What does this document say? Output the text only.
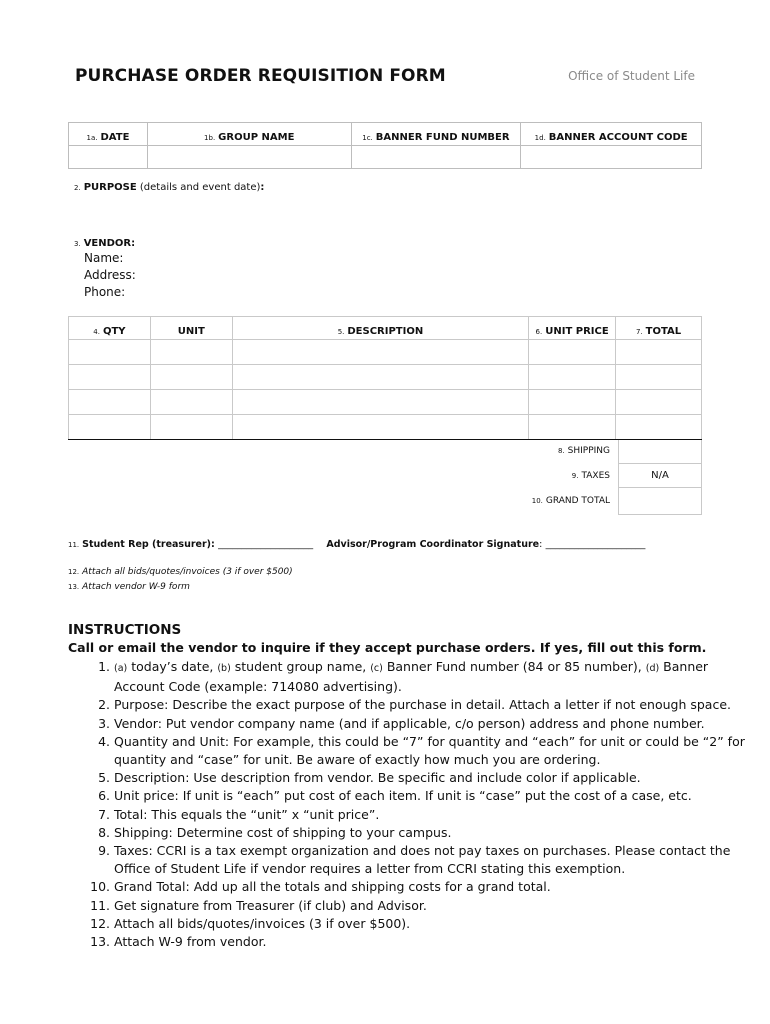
PURCHASE ORDER REQUISITION FORM	Office of Student Life
1a. DATE	1b. GROUP NAME	1c. BANNER FUND NUMBER	1d. BANNER ACCOUNT CODE

2. PURPOSE (details and event date):
3. VENDOR:
Name:
Address:
Phone:
4. QTY	UNIT	5. DESCRIPTION	6. UNIT PRICE	7. TOTAL

8. SHIPPING
9. TAXES	N/A
10. GRAND TOTAL
11. Student Rep (treasurer): ____________________ Advisor/Program Coordinator Signature: _____________________
12. Attach all bids/quotes/invoices (3 if over $500)
13. Attach vendor W-9 form
INSTRUCTIONS
Call or email the vendor to inquire if they accept purchase orders. If yes, fill out this form.
1. (a) today’s date, (b) student group name, (c) Banner Fund number (84 or 85 number), (d) Banner Account Code (example: 714080 advertising).
2. Purpose: Describe the exact purpose of the purchase in detail. Attach a letter if not enough space.
3. Vendor: Put vendor company name (and if applicable, c/o person) address and phone number.
4. Quantity and Unit: For example, this could be “7” for quantity and “each” for unit or could be “2” for quantity and “case” for unit. Be aware of exactly how much you are ordering.
5. Description: Use description from vendor. Be specific and include color if applicable.
6. Unit price: If unit is “each” put cost of each item. If unit is “case” put the cost of a case, etc.
7. Total: This equals the “unit” x “unit price”.
8. Shipping: Determine cost of shipping to your campus.
9. Taxes: CCRI is a tax exempt organization and does not pay taxes on purchases. Please contact the Office of Student Life if vendor requires a letter from CCRI stating this exemption.
10. Grand Total: Add up all the totals and shipping costs for a grand total.
11. Get signature from Treasurer (if club) and Advisor.
12. Attach all bids/quotes/invoices (3 if over $500).
13. Attach W-9 from vendor.
